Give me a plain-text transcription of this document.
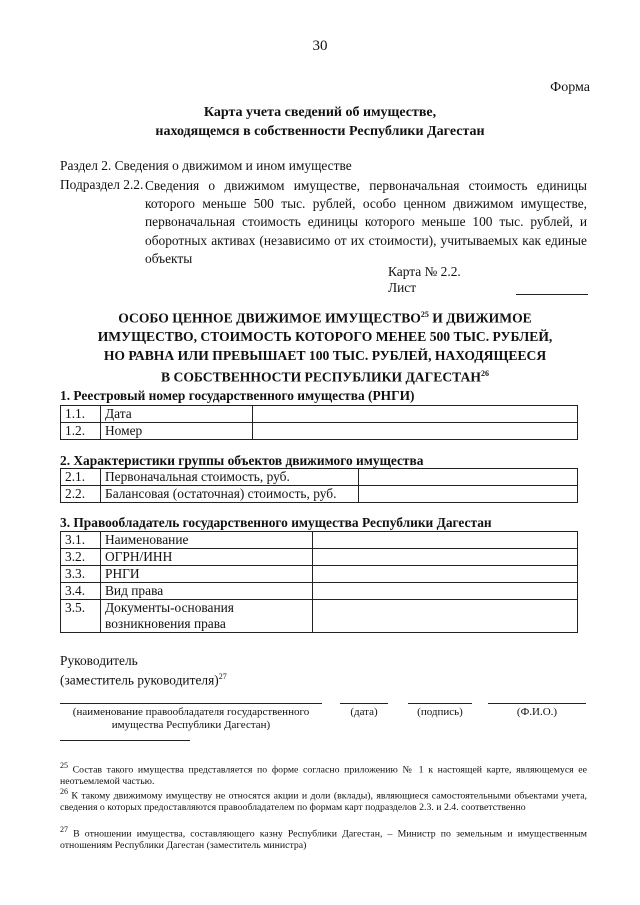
30
Форма
Карта учета сведений об имуществе,
находящемся в собственности Республики Дагестан
Раздел 2. Сведения о движимом и ином имуществе
Подраздел 2.2. Сведения о движимом имуществе, первоначальная стоимость единицы которого меньше 500 тыс. рублей, особо ценном движимом имуществе, первоначальная стоимость единицы которого меньше 100 тыс. рублей, и оборотных активах (независимо от их стоимости), учитываемых как единые объекты
Карта № 2.2.
Лист
ОСОБО ЦЕННОЕ ДВИЖИМОЕ ИМУЩЕСТВО$^{25}$ И ДВИЖИМОЕ
ИМУЩЕСТВО, СТОИМОСТЬ КОТОРОГО МЕНЕЕ 500 ТЫС. РУБЛЕЙ,
НО РАВНА ИЛИ ПРЕВЫШАЕТ 100 ТЫС. РУБЛЕЙ, НАХОДЯЩЕЕСЯ
В СОБСТВЕННОСТИ РЕСПУБЛИКИ ДАГЕСТАН$^{26}$
1. Реестровый номер государственного имущества (РНГИ)
1.1.	Дата	
1.2.	Номер	
2. Характеристики группы объектов движимого имущества
2.1.	Первоначальная стоимость, руб.	
2.2.	Балансовая (остаточная) стоимость, руб.	
3. Правообладатель государственного имущества Республики Дагестан
3.1.	Наименование	
3.2.	ОГРН/ИНН	
3.3.	РНГИ	
3.4.	Вид права	
3.5.	Документы-основания возникновения права	
Руководитель
(заместитель руководителя)$^{27}$
(наименование правообладателя государственного имущества Республики Дагестан)
(дата)	(подпись)	(Ф.И.О.)
$^{25}$ Состав такого имущества представляется по форме согласно приложению № 1 к настоящей карте, являющемуся ее неотъемлемой частью.
$^{26}$ К такому движимому имуществу не относятся акции и доли (вклады), являющиеся самостоятельными объектами учета, сведения о которых предоставляются правообладателем по формам карт подразделов 2.3. и 2.4. соответственно
$^{27}$ В отношении имущества, составляющего казну Республики Дагестан, – Министр по земельным и имущественным отношениям Республики Дагестан (заместитель министра)
